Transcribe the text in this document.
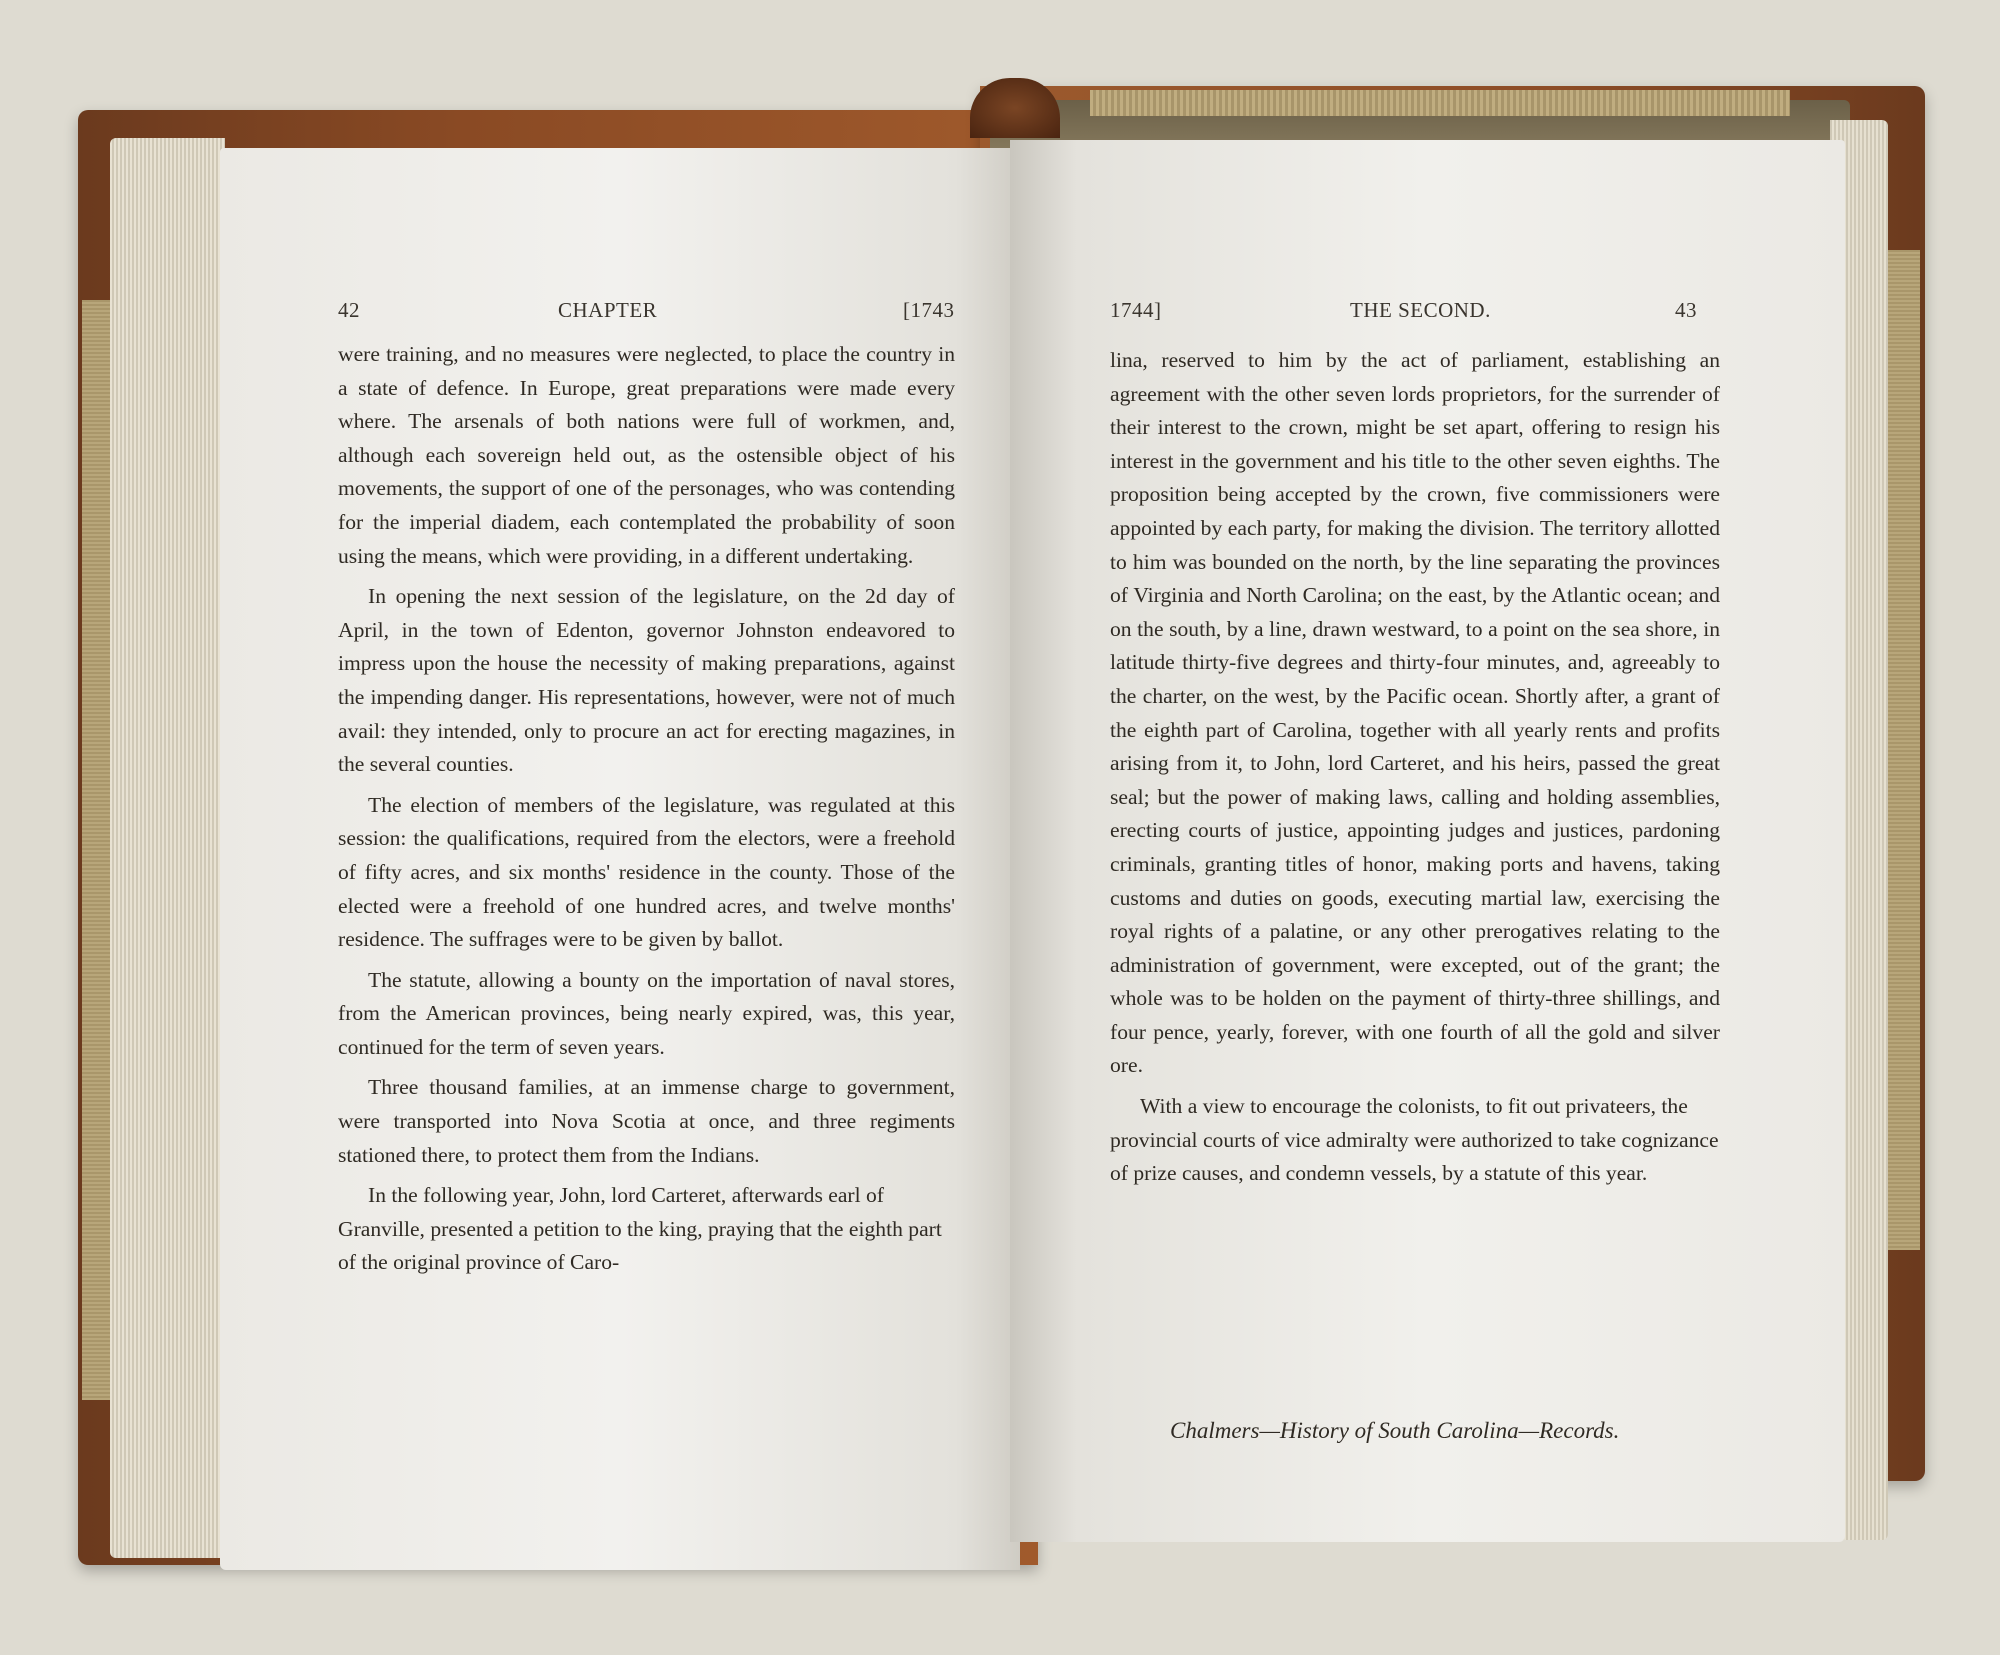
42	CHAPTER	[1743

were training, and no measures were neglected, to place the country in a state of defence. In Europe, great preparations were made every where. The arsenals of both nations were full of workmen, and, although each sovereign held out, as the ostensible object of his movements, the support of one of the personages, who was contending for the imperial diadem, each contemplated the probability of soon using the means, which were providing, in a different undertaking.

In opening the next session of the legislature, on the 2d day of April, in the town of Edenton, governor Johnston endeavored to impress upon the house the necessity of making preparations, against the impending danger. His representations, however, were not of much avail: they intended, only to procure an act for erecting magazines, in the several counties.

The election of members of the legislature, was regulated at this session: the qualifications, required from the electors, were a freehold of fifty acres, and six months' residence in the county. Those of the elected were a freehold of one hundred acres, and twelve months' residence. The suffrages were to be given by ballot.

The statute, allowing a bounty on the importation of naval stores, from the American provinces, being nearly expired, was, this year, continued for the term of seven years.

Three thousand families, at an immense charge to government, were transported into Nova Scotia at once, and three regiments stationed there, to protect them from the Indians.

In the following year, John, lord Carteret, afterwards earl of Granville, presented a petition to the king, praying that the eighth part of the original province of Caro-

1744]	THE SECOND.	43

lina, reserved to him by the act of parliament, establishing an agreement with the other seven lords proprietors, for the surrender of their interest to the crown, might be set apart, offering to resign his interest in the government and his title to the other seven eighths. The proposition being accepted by the crown, five commissioners were appointed by each party, for making the division. The territory allotted to him was bounded on the north, by the line separating the provinces of Virginia and North Carolina; on the east, by the Atlantic ocean; and on the south, by a line, drawn westward, to a point on the sea shore, in latitude thirty-five degrees and thirty-four minutes, and, agreeably to the charter, on the west, by the Pacific ocean. Shortly after, a grant of the eighth part of Carolina, together with all yearly rents and profits arising from it, to John, lord Carteret, and his heirs, passed the great seal; but the power of making laws, calling and holding assemblies, erecting courts of justice, appointing judges and justices, pardoning criminals, granting titles of honor, making ports and havens, taking customs and duties on goods, executing martial law, exercising the royal rights of a palatine, or any other prerogatives relating to the administration of government, were excepted, out of the grant; the whole was to be holden on the payment of thirty-three shillings, and four pence, yearly, forever, with one fourth of all the gold and silver ore.

With a view to encourage the colonists, to fit out privateers, the provincial courts of vice admiralty were authorized to take cognizance of prize causes, and condemn vessels, by a statute of this year.

Chalmers—History of South Carolina—Records.
